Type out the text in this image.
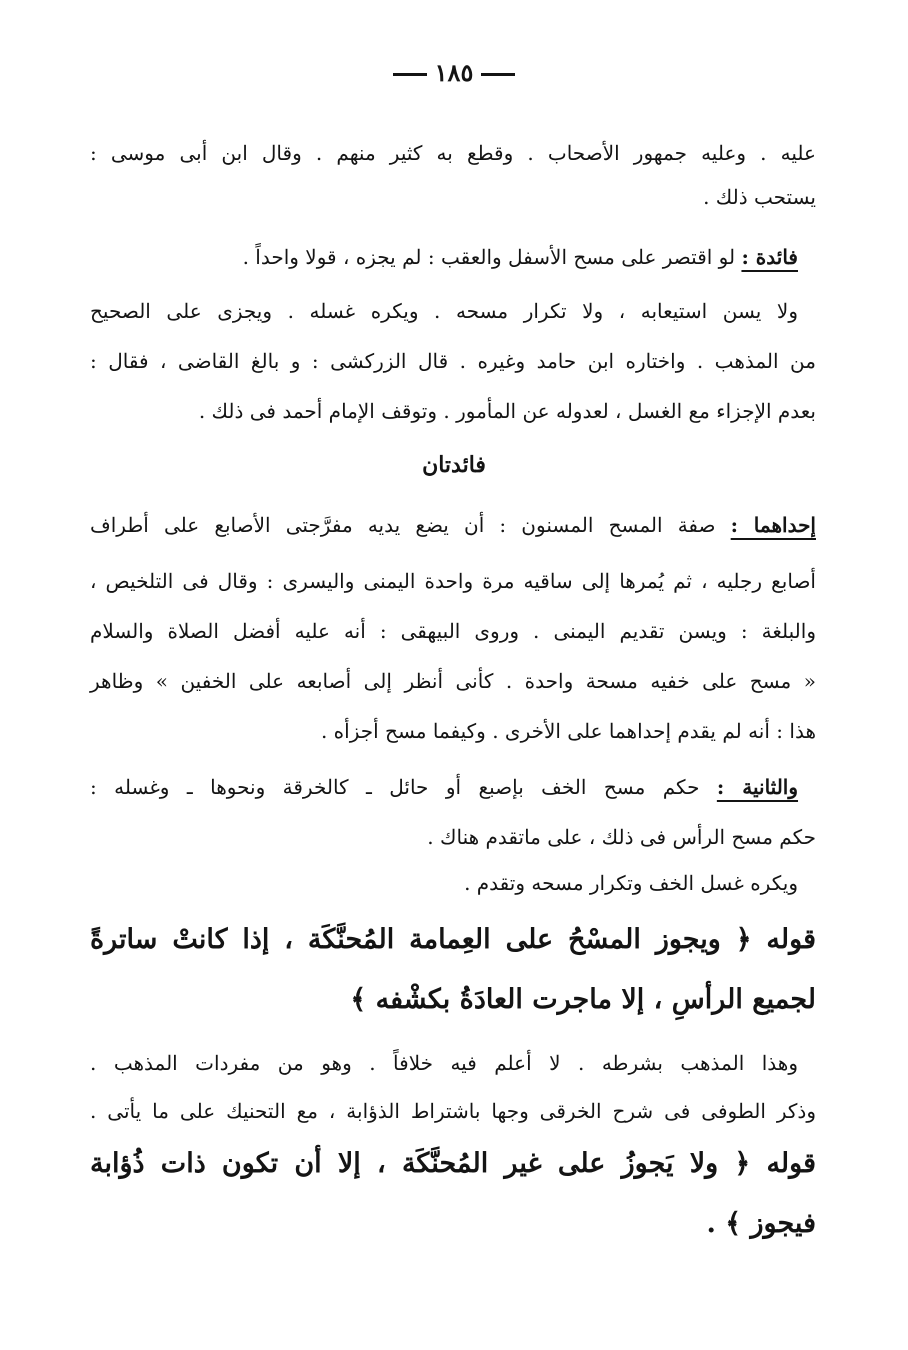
١٨٥
عليه . وعليه جمهور الأصحاب . وقطع به كثير منهم . وقال ابن أبى موسى :
يستحب ذلك .
فائدة : لو اقتصر على مسح الأسفل والعقب : لم يجزه ، قولا واحداً .
ولا يسن استيعابه ، ولا تكرار مسحه . ويكره غسله . ويجزى على الصحيح
من المذهب . واختاره ابن حامد وغيره . قال الزركشى : و بالغ القاضى ، فقال :
بعدم الإجزاء مع الغسل ، لعدوله عن المأمور . وتوقف الإمام أحمد فى ذلك .
فائدتان
إحداهما : صفة المسح المسنون : أن يضع يديه مفرَّجتى الأصابع على أطراف
أصابع رجليه ، ثم يُمرها إلى ساقيه مرة واحدة اليمنى واليسرى : وقال فى التلخيص ،
والبلغة : ويسن تقديم اليمنى . وروى البيهقى : أنه عليه أفضل الصلاة والسلام
« مسح على خفيه مسحة واحدة . كأنى أنظر إلى أصابعه على الخفين » وظاهر
هذا : أنه لم يقدم إحداهما على الأخرى . وكيفما مسح أجزأه .
والثانية : حكم مسح الخف بإصبع أو حائل ـ كالخرقة ونحوها ـ وغسله :
حكم مسح الرأس فى ذلك ، على ماتقدم هناك .
ويكره غسل الخف وتكرار مسحه وتقدم .
قوله ﴿ ويجوز المسْحُ على العِمامة المُحنَّكَة ، إذا كانتْ ساترةً
لجميع الرأسِ ، إلا ماجرت العادَةُ بكشْفه ﴾
وهذا المذهب بشرطه . لا أعلم فيه خلافاً . وهو من مفردات المذهب .
وذكر الطوفى فى شرح الخرقى وجها باشتراط الذؤابة ، مع التحنيك على ما يأتى .
قوله ﴿ ولا يَجوزُ على غير المُحنَّكَة ، إلا أن تكون ذات ذُؤابة
فيجوز ﴾ .
